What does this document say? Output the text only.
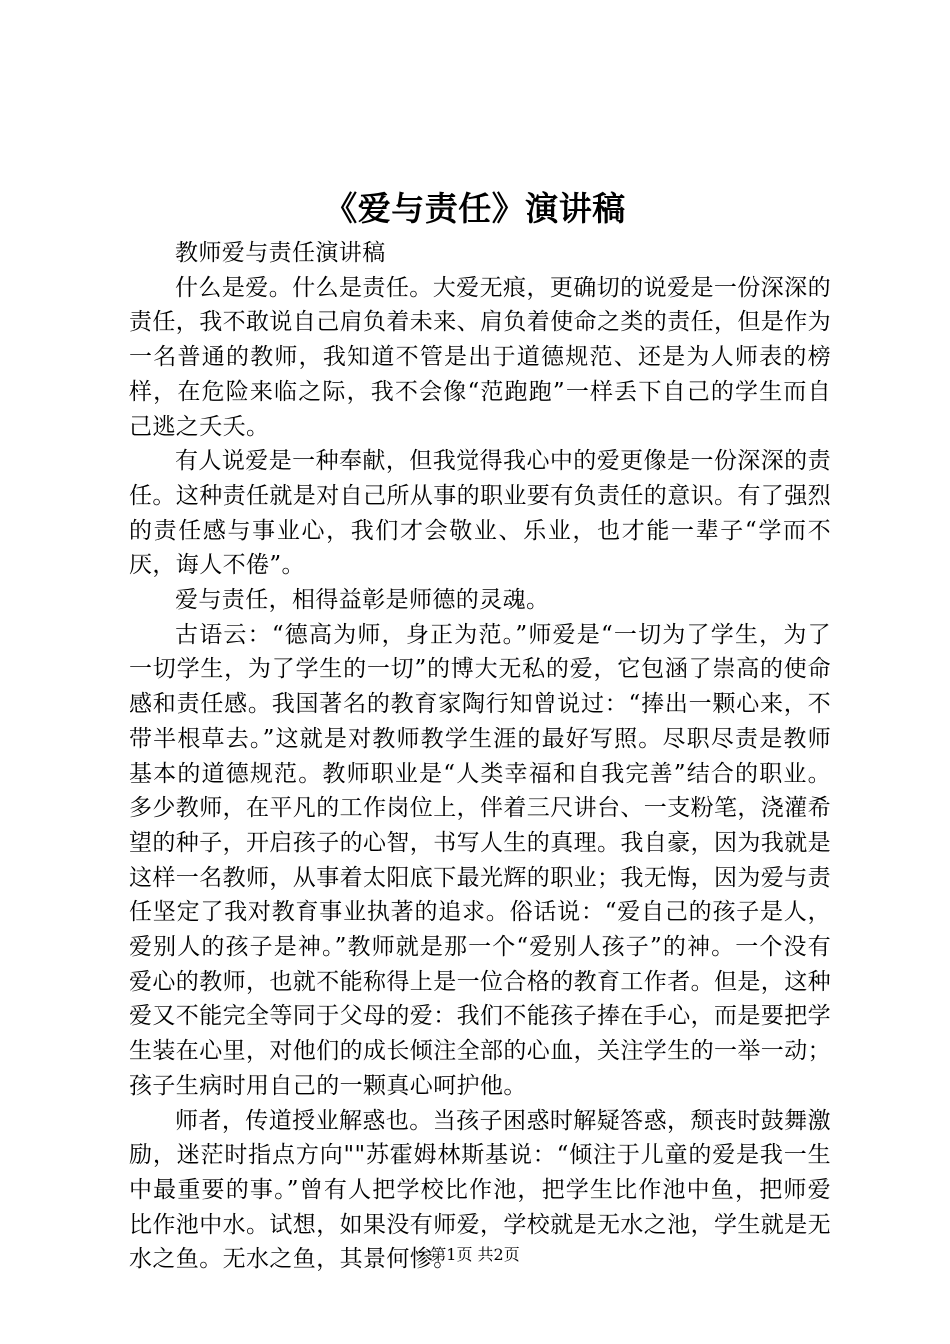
《爱与责任》演讲稿

教师爱与责任演讲稿

什么是爱。什么是责任。大爱无痕，更确切的说爱是一份深深的责任，我不敢说自己肩负着未来、肩负着使命之类的责任，但是作为一名普通的教师，我知道不管是出于道德规范、还是为人师表的榜样，在危险来临之际，我不会像“范跑跑”一样丢下自己的学生而自己逃之夭夭。

有人说爱是一种奉献，但我觉得我心中的爱更像是一份深深的责任。这种责任就是对自己所从事的职业要有负责任的意识。有了强烈的责任感与事业心，我们才会敬业、乐业，也才能一辈子“学而不厌，诲人不倦”。

爱与责任，相得益彰是师德的灵魂。

古语云：“德高为师，身正为范。”师爱是“一切为了学生，为了一切学生，为了学生的一切”的博大无私的爱，它包涵了崇高的使命感和责任感。我国著名的教育家陶行知曾说过：“捧出一颗心来，不带半根草去。”这就是对教师教学生涯的最好写照。尽职尽责是教师基本的道德规范。教师职业是“人类幸福和自我完善”结合的职业。多少教师，在平凡的工作岗位上，伴着三尺讲台、一支粉笔，浇灌希望的种子，开启孩子的心智，书写人生的真理。我自豪，因为我就是这样一名教师，从事着太阳底下最光辉的职业；我无悔，因为爱与责任坚定了我对教育事业执著的追求。俗话说：“爱自己的孩子是人，爱别人的孩子是神。”教师就是那一个“爱别人孩子”的神。一个没有爱心的教师，也就不能称得上是一位合格的教育工作者。但是，这种爱又不能完全等同于父母的爱：我们不能孩子捧在手心，而是要把学生装在心里，对他们的成长倾注全部的心血，关注学生的一举一动；孩子生病时用自己的一颗真心呵护他。

师者，传道授业解惑也。当孩子困惑时解疑答惑，颓丧时鼓舞激励，迷茫时指点方向""苏霍姆林斯基说：“倾注于儿童的爱是我一生中最重要的事。”曾有人把学校比作池，把学生比作池中鱼，把师爱比作池中水。试想，如果没有师爱，学校就是无水之池，学生就是无水之鱼。无水之鱼，其景何惨。

第1页 共2页
